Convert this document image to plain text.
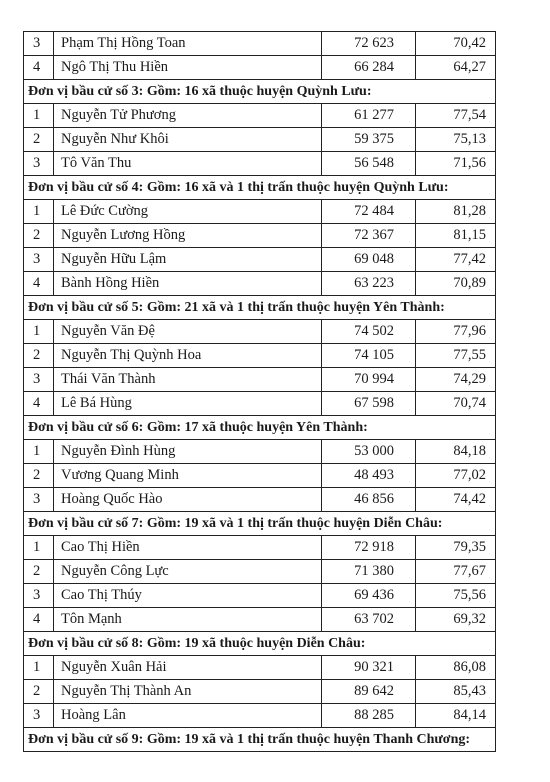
3	Phạm Thị Hồng Toan	72 623	70,42
4	Ngô Thị Thu Hiền	66 284	64,27
Đơn vị bầu cử số 3: Gồm: 16 xã thuộc huyện Quỳnh Lưu:			
1	Nguyễn Tử Phương	61 277	77,54
2	Nguyễn Như Khôi	59 375	75,13
3	Tô Văn Thu	56 548	71,56
Đơn vị bầu cử số 4: Gồm: 16 xã và 1 thị trấn thuộc huyện Quỳnh Lưu:			
1	Lê Đức Cường	72 484	81,28
2	Nguyễn Lương Hồng	72 367	81,15
3	Nguyễn Hữu Lậm	69 048	77,42
4	Bành Hồng Hiền	63 223	70,89
Đơn vị bầu cử số 5: Gồm: 21 xã và 1 thị trấn thuộc huyện Yên Thành:			
1	Nguyễn Văn Đệ	74 502	77,96
2	Nguyễn Thị Quỳnh Hoa	74 105	77,55
3	Thái Văn Thành	70 994	74,29
4	Lê Bá Hùng	67 598	70,74
Đơn vị bầu cử số 6: Gồm: 17 xã thuộc huyện Yên Thành:			
1	Nguyễn Đình Hùng	53 000	84,18
2	Vương Quang Minh	48 493	77,02
3	Hoàng Quốc Hào	46 856	74,42
Đơn vị bầu cử số 7: Gồm: 19 xã và 1 thị trấn thuộc huyện Diễn Châu:			
1	Cao Thị Hiền	72 918	79,35
2	Nguyễn Công Lực	71 380	77,67
3	Cao Thị Thúy	69 436	75,56
4	Tôn Mạnh	63 702	69,32
Đơn vị bầu cử số 8: Gồm: 19 xã thuộc huyện Diễn Châu:			
1	Nguyễn Xuân Hải	90 321	86,08
2	Nguyễn Thị Thành An	89 642	85,43
3	Hoàng Lân	88 285	84,14
Đơn vị bầu cử số 9: Gồm: 19 xã và 1 thị trấn thuộc huyện Thanh Chương:			
